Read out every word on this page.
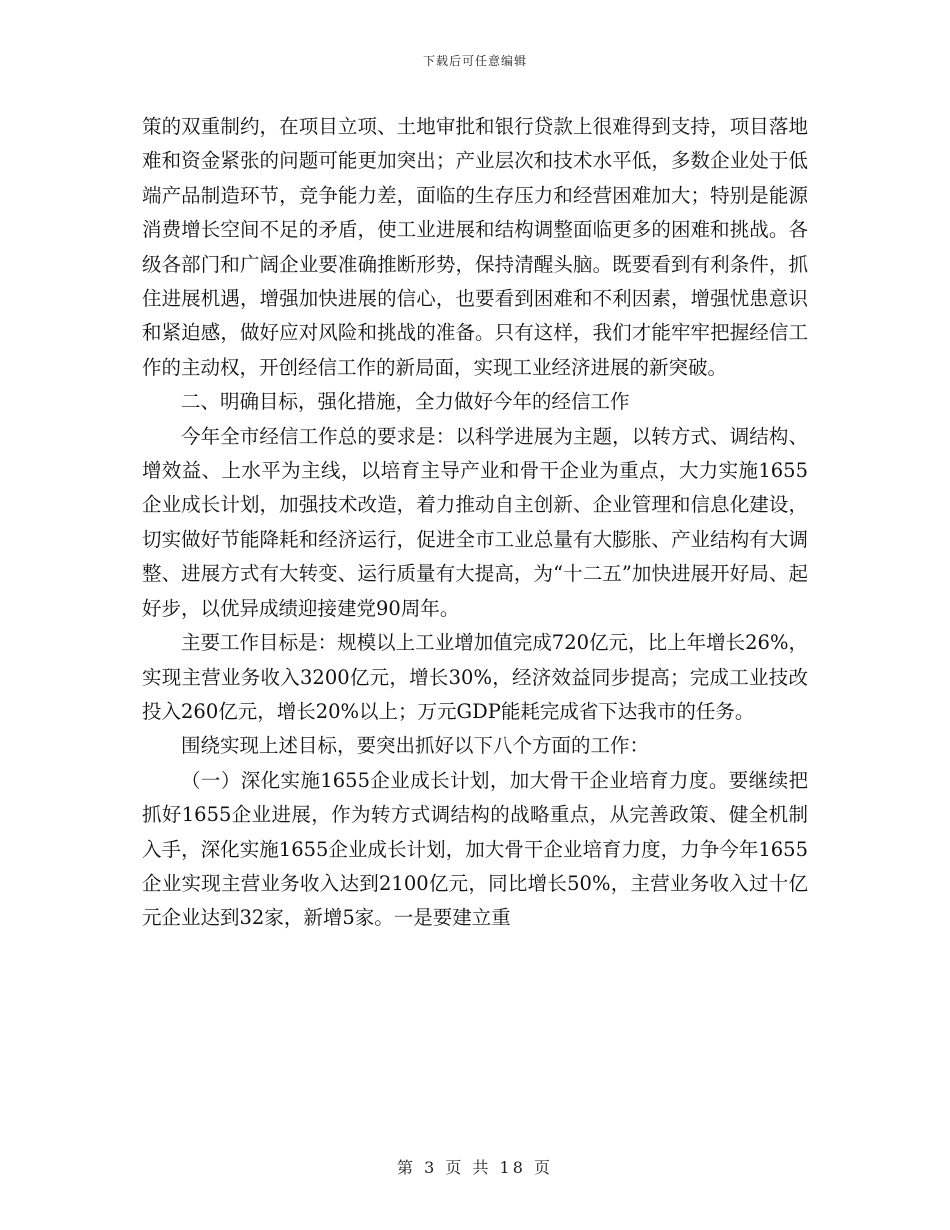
下载后可任意编辑

策的双重制约，在项目立项、土地审批和银行贷款上很难得到支持，项目落地难和资金紧张的问题可能更加突出；产业层次和技术水平低，多数企业处于低端产品制造环节，竞争能力差，面临的生存压力和经营困难加大；特别是能源消费增长空间不足的矛盾，使工业进展和结构调整面临更多的困难和挑战。各级各部门和广阔企业要准确推断形势，保持清醒头脑。既要看到有利条件，抓住进展机遇，增强加快进展的信心，也要看到困难和不利因素，增强忧患意识和紧迫感，做好应对风险和挑战的准备。只有这样，我们才能牢牢把握经信工作的主动权，开创经信工作的新局面，实现工业经济进展的新突破。

二、明确目标，强化措施，全力做好今年的经信工作

今年全市经信工作总的要求是：以科学进展为主题，以转方式、调结构、增效益、上水平为主线，以培育主导产业和骨干企业为重点，大力实施1655企业成长计划，加强技术改造，着力推动自主创新、企业管理和信息化建设，切实做好节能降耗和经济运行，促进全市工业总量有大膨胀、产业结构有大调整、进展方式有大转变、运行质量有大提高，为“十二五”加快进展开好局、起好步，以优异成绩迎接建党90周年。

主要工作目标是：规模以上工业增加值完成720亿元，比上年增长26%，实现主营业务收入3200亿元，增长30%，经济效益同步提高；完成工业技改投入260亿元，增长20%以上；万元GDP能耗完成省下达我市的任务。

围绕实现上述目标，要突出抓好以下八个方面的工作：

（一）深化实施1655企业成长计划，加大骨干企业培育力度。要继续把抓好1655企业进展，作为转方式调结构的战略重点，从完善政策、健全机制入手，深化实施1655企业成长计划，加大骨干企业培育力度，力争今年1655企业实现主营业务收入达到2100亿元，同比增长50%，主营业务收入过十亿元企业达到32家，新增5家。一是要建立重

第 3 页 共 18 页
